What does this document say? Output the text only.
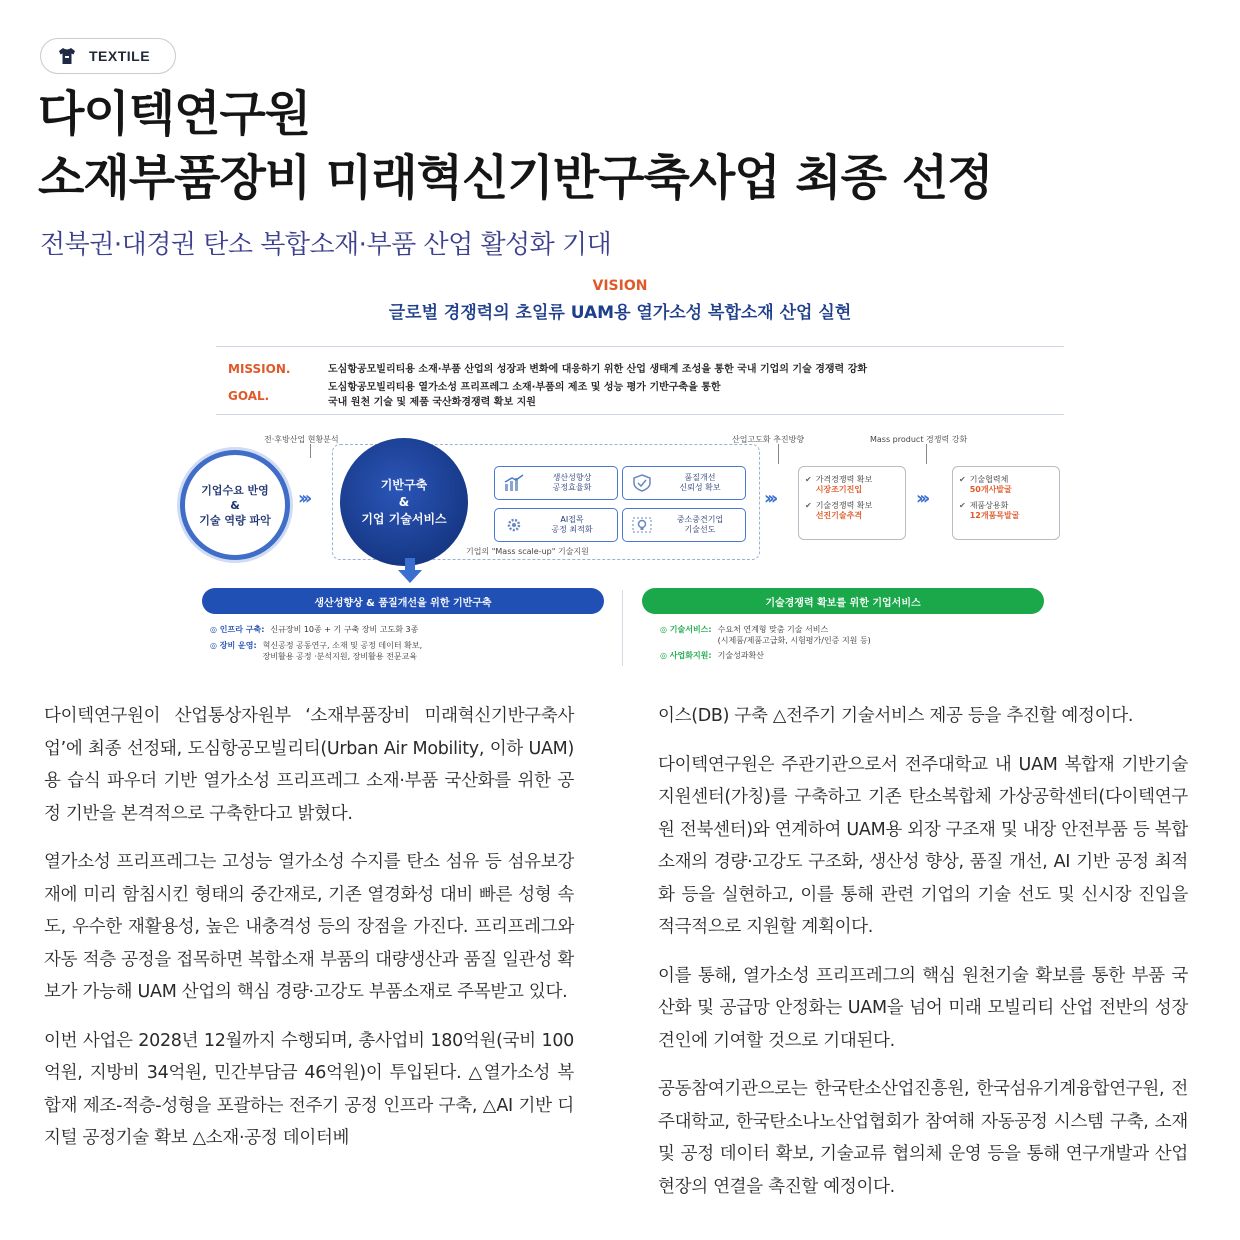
TEXTILE
다이텍연구원
소재부품장비 미래혁신기반구축사업 최종 선정
전북권·대경권 탄소 복합소재·부품 산업 활성화 기대
VISION
글로벌 경쟁력의 초일류 UAM용 열가소성 복합소재 산업 실현
MISSION.	도심항공모빌리티용 소재·부품 산업의 성장과 변화에 대응하기 위한 산업 생태계 조성을 통한 국내 기업의 기술 경쟁력 강화
GOAL.
도심항공모빌리티용 열가소성 프리프레그 소재·부품의 제조 및 성능 평가 기반구축을 통한
국내 원천 기술 및 제품 국산화경쟁력 확보 지원
전·후방산업 현황분석	산업고도화 추진방향	Mass product 경쟁력 강화
기업수요 반영
&
기술 역량 파악
›››
기반구축
&
기업 기술서비스
생산성향상
공정효율화
품질개선
신뢰성 확보
AI접목
공정 최적화
중소중견기업
기술선도
기업의 "Mass scale-up" 기술지원
›››
✔ 가격경쟁력 확보
시장조기진입
✔ 기술경쟁력 확보
선진기술추격
›››
✔ 기술협력체
50개사발굴
✔ 제품상용화
12개품목발굴
생산성향상 & 품질개선을 위한 기반구축	기술경쟁력 확보를 위한 기업서비스
◎ 인프라 구축: 신규장비 10종 + 기 구축 장비 고도화 3종
◎ 장비 운영: 혁신공정 공동연구, 소재 및 공정 데이터 확보,
장비활용 공정 ·분석지원, 장비활용 전문교육
◎ 기술서비스: 수요처 연계형 맞춤 기술 서비스
(시제품/제품고급화, 시험평가/인증 지원 등)
◎ 사업화지원: 기술성과확산

다이텍연구원이 산업통상자원부 ‘소재부품장비 미래혁신기반구축사업’에 최종 선정돼, 도심항공모빌리티(Urban Air Mobility, 이하 UAM)용 습식 파우더 기반 열가소성 프리프레그 소재·부품 국산화를 위한 공정 기반을 본격적으로 구축한다고 밝혔다.

열가소성 프리프레그는 고성능 열가소성 수지를 탄소 섬유 등 섬유보강재에 미리 함침시킨 형태의 중간재로, 기존 열경화성 대비 빠른 성형 속도, 우수한 재활용성, 높은 내충격성 등의 장점을 가진다. 프리프레그와 자동 적층 공정을 접목하면 복합소재 부품의 대량생산과 품질 일관성 확보가 가능해 UAM 산업의 핵심 경량·고강도 부품소재로 주목받고 있다.

이번 사업은 2028년 12월까지 수행되며, 총사업비 180억원(국비 100억원, 지방비 34억원, 민간부담금 46억원)이 투입된다. △열가소성 복합재 제조-적층-성형을 포괄하는 전주기 공정 인프라 구축, △AI 기반 디지털 공정기술 확보 △소재·공정 데이터베

이스(DB) 구축 △전주기 기술서비스 제공 등을 추진할 예정이다.

다이텍연구원은 주관기관으로서 전주대학교 내 UAM 복합재 기반기술지원센터(가칭)를 구축하고 기존 탄소복합체 가상공학센터(다이텍연구원 전북센터)와 연계하여 UAM용 외장 구조재 및 내장 안전부품 등 복합소재의 경량·고강도 구조화, 생산성 향상, 품질 개선, AI 기반 공정 최적화 등을 실현하고, 이를 통해 관련 기업의 기술 선도 및 신시장 진입을 적극적으로 지원할 계획이다.

이를 통해, 열가소성 프리프레그의 핵심 원천기술 확보를 통한 부품 국산화 및 공급망 안정화는 UAM을 넘어 미래 모빌리티 산업 전반의 성장 견인에 기여할 것으로 기대된다.

공동참여기관으로는 한국탄소산업진흥원, 한국섬유기계융합연구원, 전주대학교, 한국탄소나노산업협회가 참여해 자동공정 시스템 구축, 소재 및 공정 데이터 확보, 기술교류 협의체 운영 등을 통해 연구개발과 산업현장의 연결을 촉진할 예정이다.
